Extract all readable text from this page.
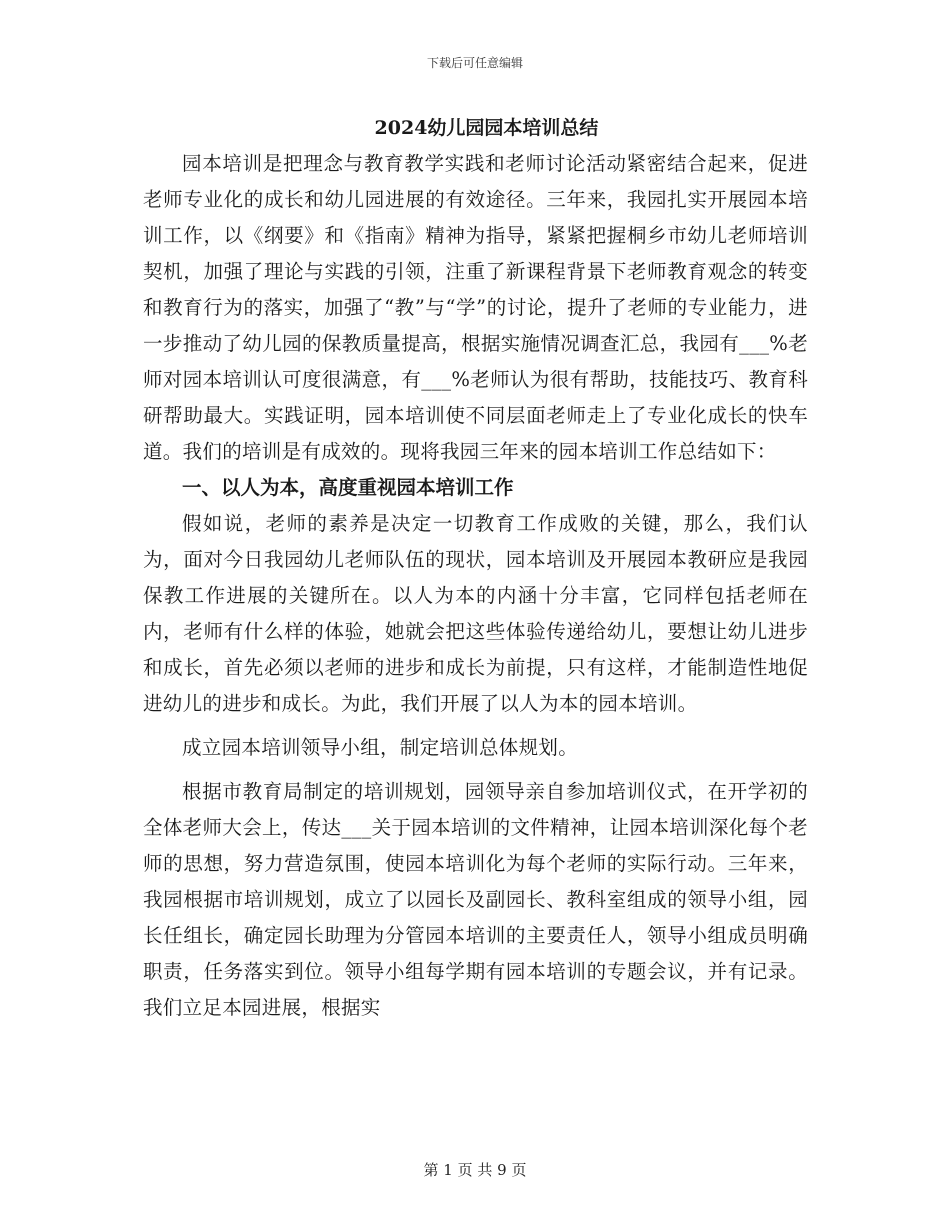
下载后可任意编辑
2024幼儿园园本培训总结

园本培训是把理念与教育教学实践和老师讨论活动紧密结合起来，促进老师专业化的成长和幼儿园进展的有效途径。三年来，我园扎实开展园本培训工作，以《纲要》和《指南》精神为指导，紧紧把握桐乡市幼儿老师培训契机，加强了理论与实践的引领，注重了新课程背景下老师教育观念的转变和教育行为的落实，加强了“教”与“学”的讨论，提升了老师的专业能力，进一步推动了幼儿园的保教质量提高，根据实施情况调查汇总，我园有___%老师对园本培训认可度很满意，有___%老师认为很有帮助，技能技巧、教育科研帮助最大。实践证明，园本培训使不同层面老师走上了专业化成长的快车道。我们的培训是有成效的。现将我园三年来的园本培训工作总结如下：

一、以人为本，高度重视园本培训工作

假如说，老师的素养是决定一切教育工作成败的关键，那么，我们认为，面对今日我园幼儿老师队伍的现状，园本培训及开展园本教研应是我园保教工作进展的关键所在。以人为本的内涵十分丰富，它同样包括老师在内，老师有什么样的体验，她就会把这些体验传递给幼儿，要想让幼儿进步和成长，首先必须以老师的进步和成长为前提，只有这样，才能制造性地促进幼儿的进步和成长。为此，我们开展了以人为本的园本培训。

成立园本培训领导小组，制定培训总体规划。

根据市教育局制定的培训规划，园领导亲自参加培训仪式，在开学初的全体老师大会上，传达___关于园本培训的文件精神，让园本培训深化每个老师的思想，努力营造氛围，使园本培训化为每个老师的实际行动。三年来，我园根据市培训规划，成立了以园长及副园长、教科室组成的领导小组，园长任组长，确定园长助理为分管园本培训的主要责任人，领导小组成员明确职责，任务落实到位。领导小组每学期有园本培训的专题会议，并有记录。我们立足本园进展，根据实

第 1 页 共 9 页
